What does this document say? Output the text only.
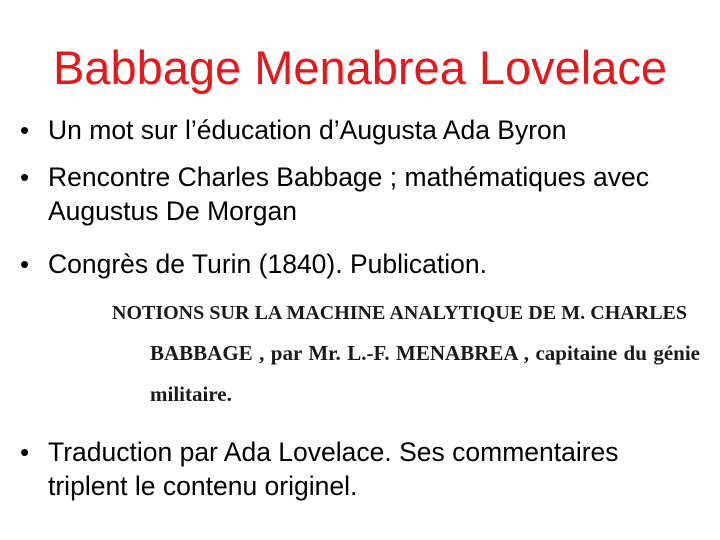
Babbage Menabrea Lovelace
• Un mot sur l’éducation d’Augusta Ada Byron
• Rencontre Charles Babbage ; mathématiques avec Augustus De Morgan
• Congrès de Turin (1840). Publication.
• Traduction par Ada Lovelace. Ses commentaires triplent le contenu originel.
NOTIONS SUR LA MACHINE ANALYTIQUE DE M. CHARLES
BABBAGE , par Mr. L.-F. MENABREA , capitaine du génie
militaire.
